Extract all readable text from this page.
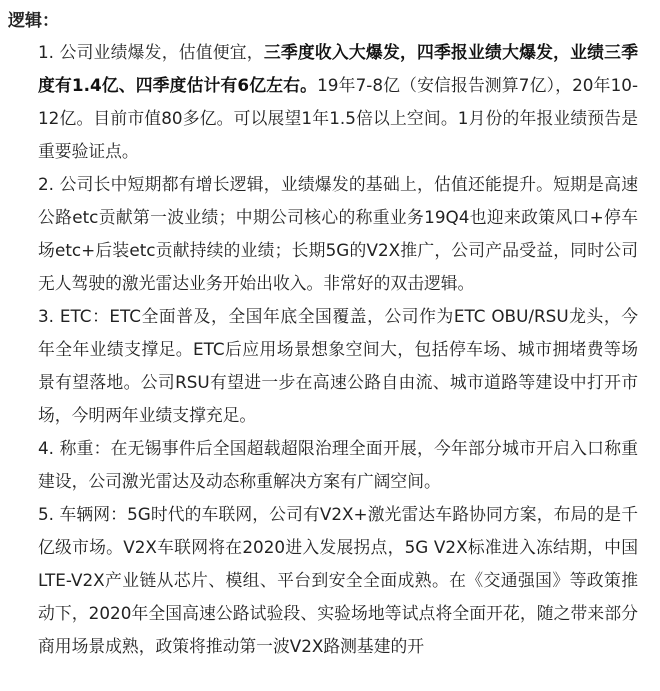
逻辑：
1. 公司业绩爆发，估值便宜，三季度收入大爆发，四季报业绩大爆发，业绩三季度有1.4亿、四季度估计有6亿左右。19年7-8亿（安信报告测算7亿），20年10-12亿。目前市值80多亿。可以展望1年1.5倍以上空间。1月份的年报业绩预告是重要验证点。
2. 公司长中短期都有增长逻辑，业绩爆发的基础上，估值还能提升。短期是高速公路etc贡献第一波业绩；中期公司核心的称重业务19Q4也迎来政策风口+停车场etc+后装etc贡献持续的业绩；长期5G的V2X推广，公司产品受益，同时公司无人驾驶的激光雷达业务开始出收入。非常好的双击逻辑。
3. ETC：ETC全面普及，全国年底全国覆盖，公司作为ETC OBU/RSU龙头，今年全年业绩支撑足。ETC后应用场景想象空间大，包括停车场、城市拥堵费等场景有望落地。公司RSU有望进一步在高速公路自由流、城市道路等建设中打开市场，今明两年业绩支撑充足。
4. 称重：在无锡事件后全国超载超限治理全面开展，今年部分城市开启入口称重建设，公司激光雷达及动态称重解决方案有广阔空间。
5. 车辆网：5G时代的车联网，公司有V2X+激光雷达车路协同方案，布局的是千亿级市场。V2X车联网将在2020进入发展拐点，5G V2X标准进入冻结期，中国LTE-V2X产业链从芯片、模组、平台到安全全面成熟。在《交通强国》等政策推动下，2020年全国高速公路试验段、实验场地等试点将全面开花，随之带来部分商用场景成熟，政策将推动第一波V2X路测基建的开
